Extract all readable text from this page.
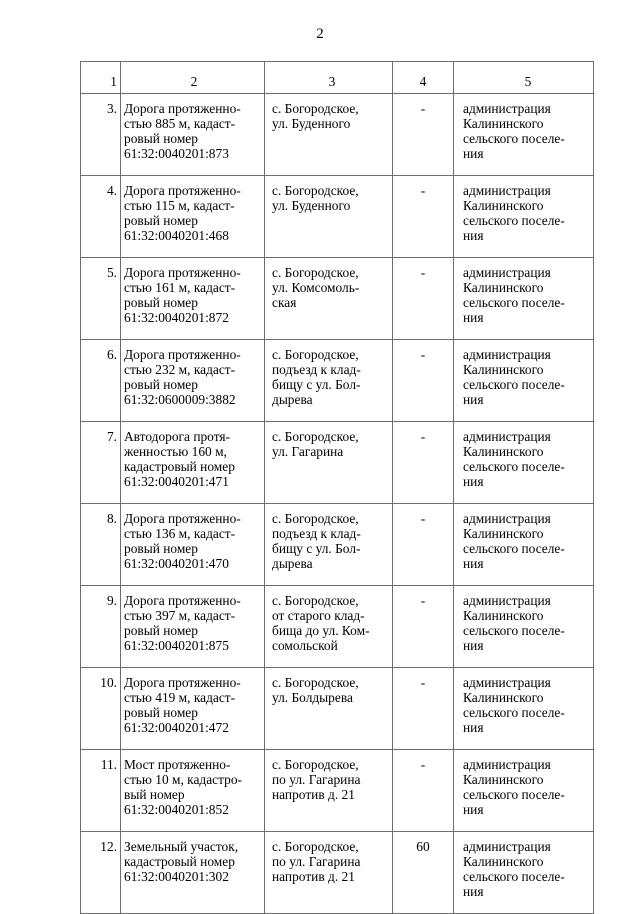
2
1	2	3	4	5
3.	Дорога протяженно-
стью 885 м, кадаст-
ровый номер
61:32:0040201:873	с. Богородское,
ул. Буденного	-	администрация
Калининского
сельского поселе-
ния
4.	Дорога протяженно-
стью 115 м, кадаст-
ровый номер
61:32:0040201:468	с. Богородское,
ул. Буденного	-	администрация
Калининского
сельского поселе-
ния
5.	Дорога протяженно-
стью 161 м, кадаст-
ровый номер
61:32:0040201:872	с. Богородское,
ул. Комсомоль-
ская	-	администрация
Калининского
сельского поселе-
ния
6.	Дорога протяженно-
стью 232 м, кадаст-
ровый номер
61:32:0600009:3882	с. Богородское,
подъезд к клад-
бищу с ул. Бол-
дырева	-	администрация
Калининского
сельского поселе-
ния
7.	Автодорога протя-
женностью 160 м,
кадастровый номер
61:32:0040201:471	с. Богородское,
ул. Гагарина	-	администрация
Калининского
сельского поселе-
ния
8.	Дорога протяженно-
стью 136 м, кадаст-
ровый номер
61:32:0040201:470	с. Богородское,
подъезд к клад-
бищу с ул. Бол-
дырева	-	администрация
Калининского
сельского поселе-
ния
9.	Дорога протяженно-
стью 397 м, кадаст-
ровый номер
61:32:0040201:875	с. Богородское,
от старого клад-
бища до ул. Ком-
сомольской	-	администрация
Калининского
сельского поселе-
ния
10.	Дорога протяженно-
стью 419 м, кадаст-
ровый номер
61:32:0040201:472	с. Богородское,
ул. Болдырева	-	администрация
Калининского
сельского поселе-
ния
11.	Мост протяженно-
стью 10 м, кадастро-
вый номер
61:32:0040201:852	с. Богородское,
по ул. Гагарина
напротив д. 21	-	администрация
Калининского
сельского поселе-
ния
12.	Земельный участок,
кадастровый номер
61:32:0040201:302	с. Богородское,
по ул. Гагарина
напротив д. 21	60	администрация
Калининского
сельского поселе-
ния
